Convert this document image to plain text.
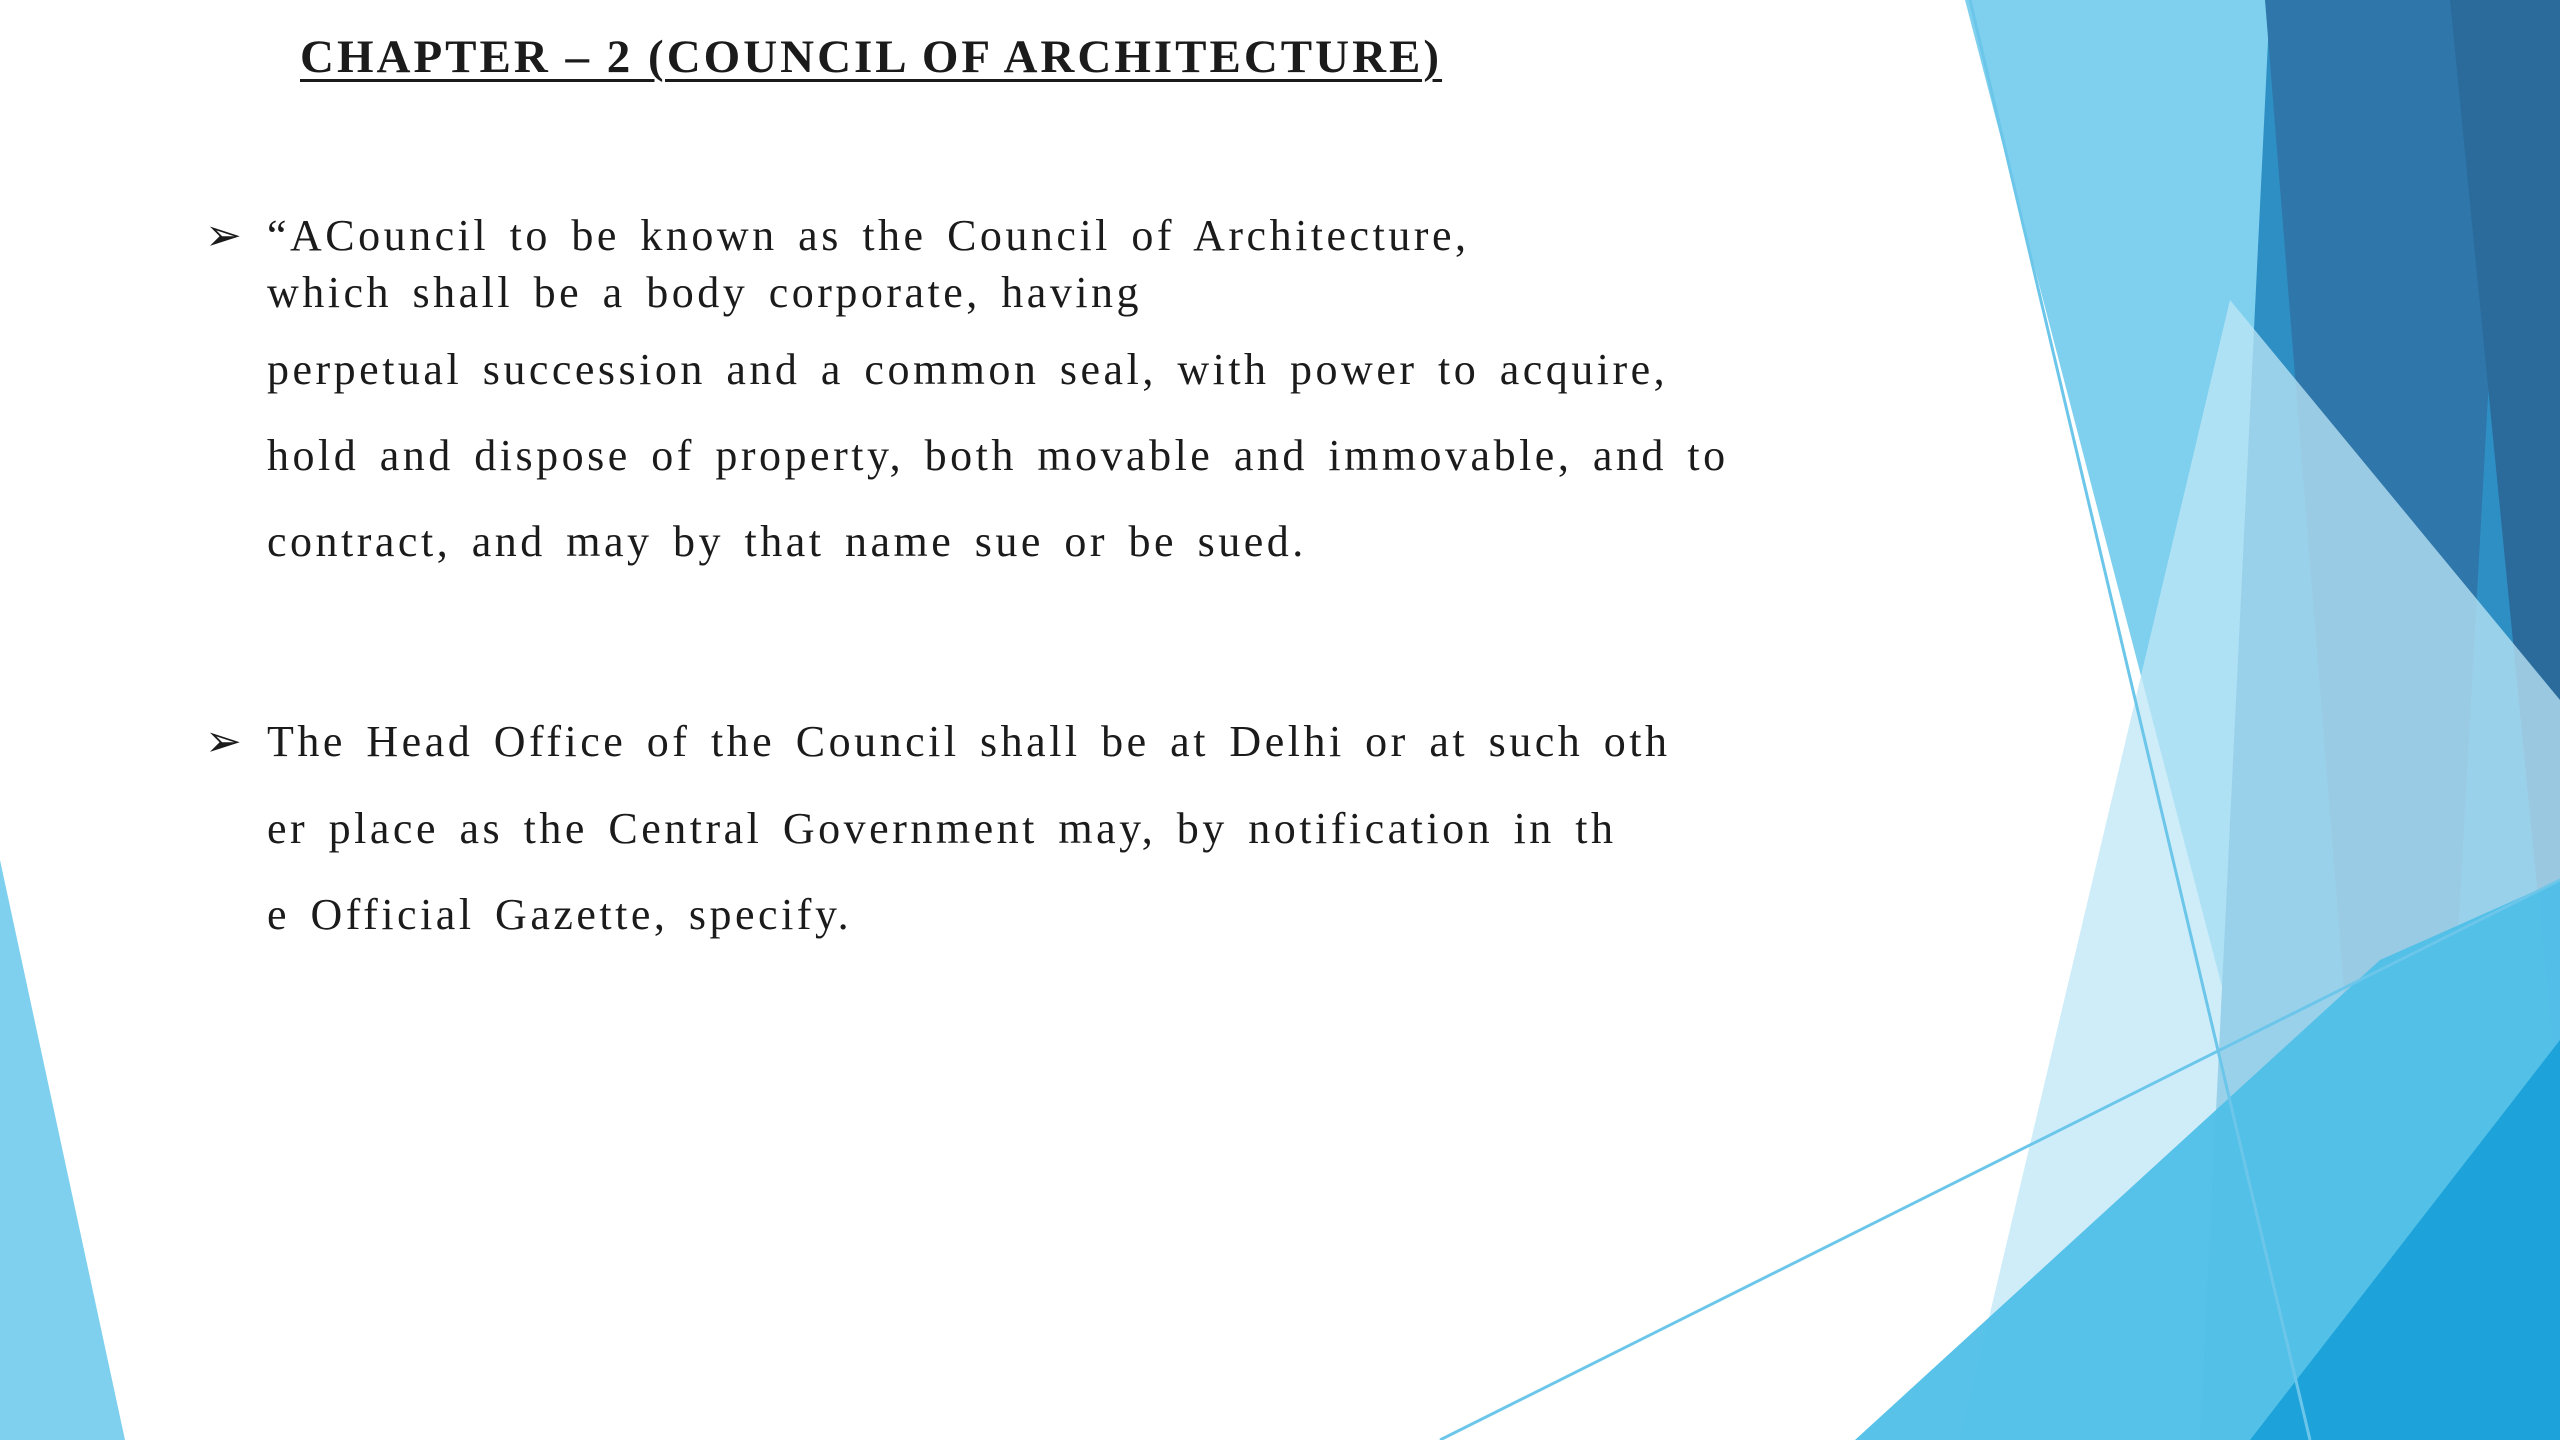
CHAPTER – 2 (COUNCIL OF ARCHITECTURE)
➢ “ACouncil to be known as the Council of Architecture,

which shall be a body corporate, having

perpetual succession and a common seal, with power to acquire,

hold and dispose of property, both movable and immovable, and to

contract, and may by that name sue or be sued.

➢ The Head Office of the Council shall be at Delhi or at such oth

er place as the Central Government may, by notification in th

e Official Gazette, specify.
